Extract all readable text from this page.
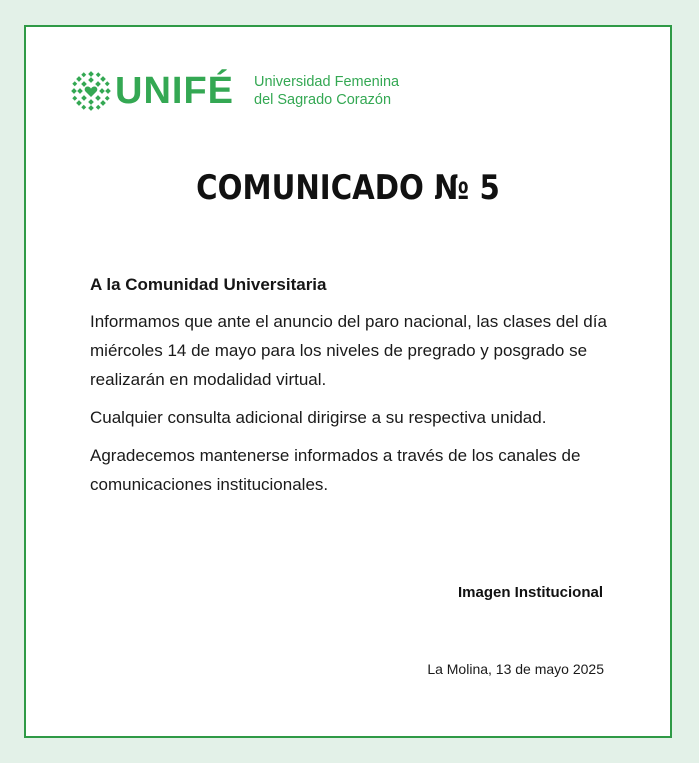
UNIFÉ Universidad Femenina
del Sagrado Corazón
COMUNICADO № 5

A la Comunidad Universitaria

Informamos que ante el anuncio del paro nacional, las clases del día miércoles 14 de mayo para los niveles de pregrado y posgrado se realizarán en modalidad virtual.

Cualquier consulta adicional dirigirse a su respectiva unidad.

Agradecemos mantenerse informados a través de los canales de comunicaciones institucionales.

Imagen Institucional
La Molina, 13 de mayo 2025
